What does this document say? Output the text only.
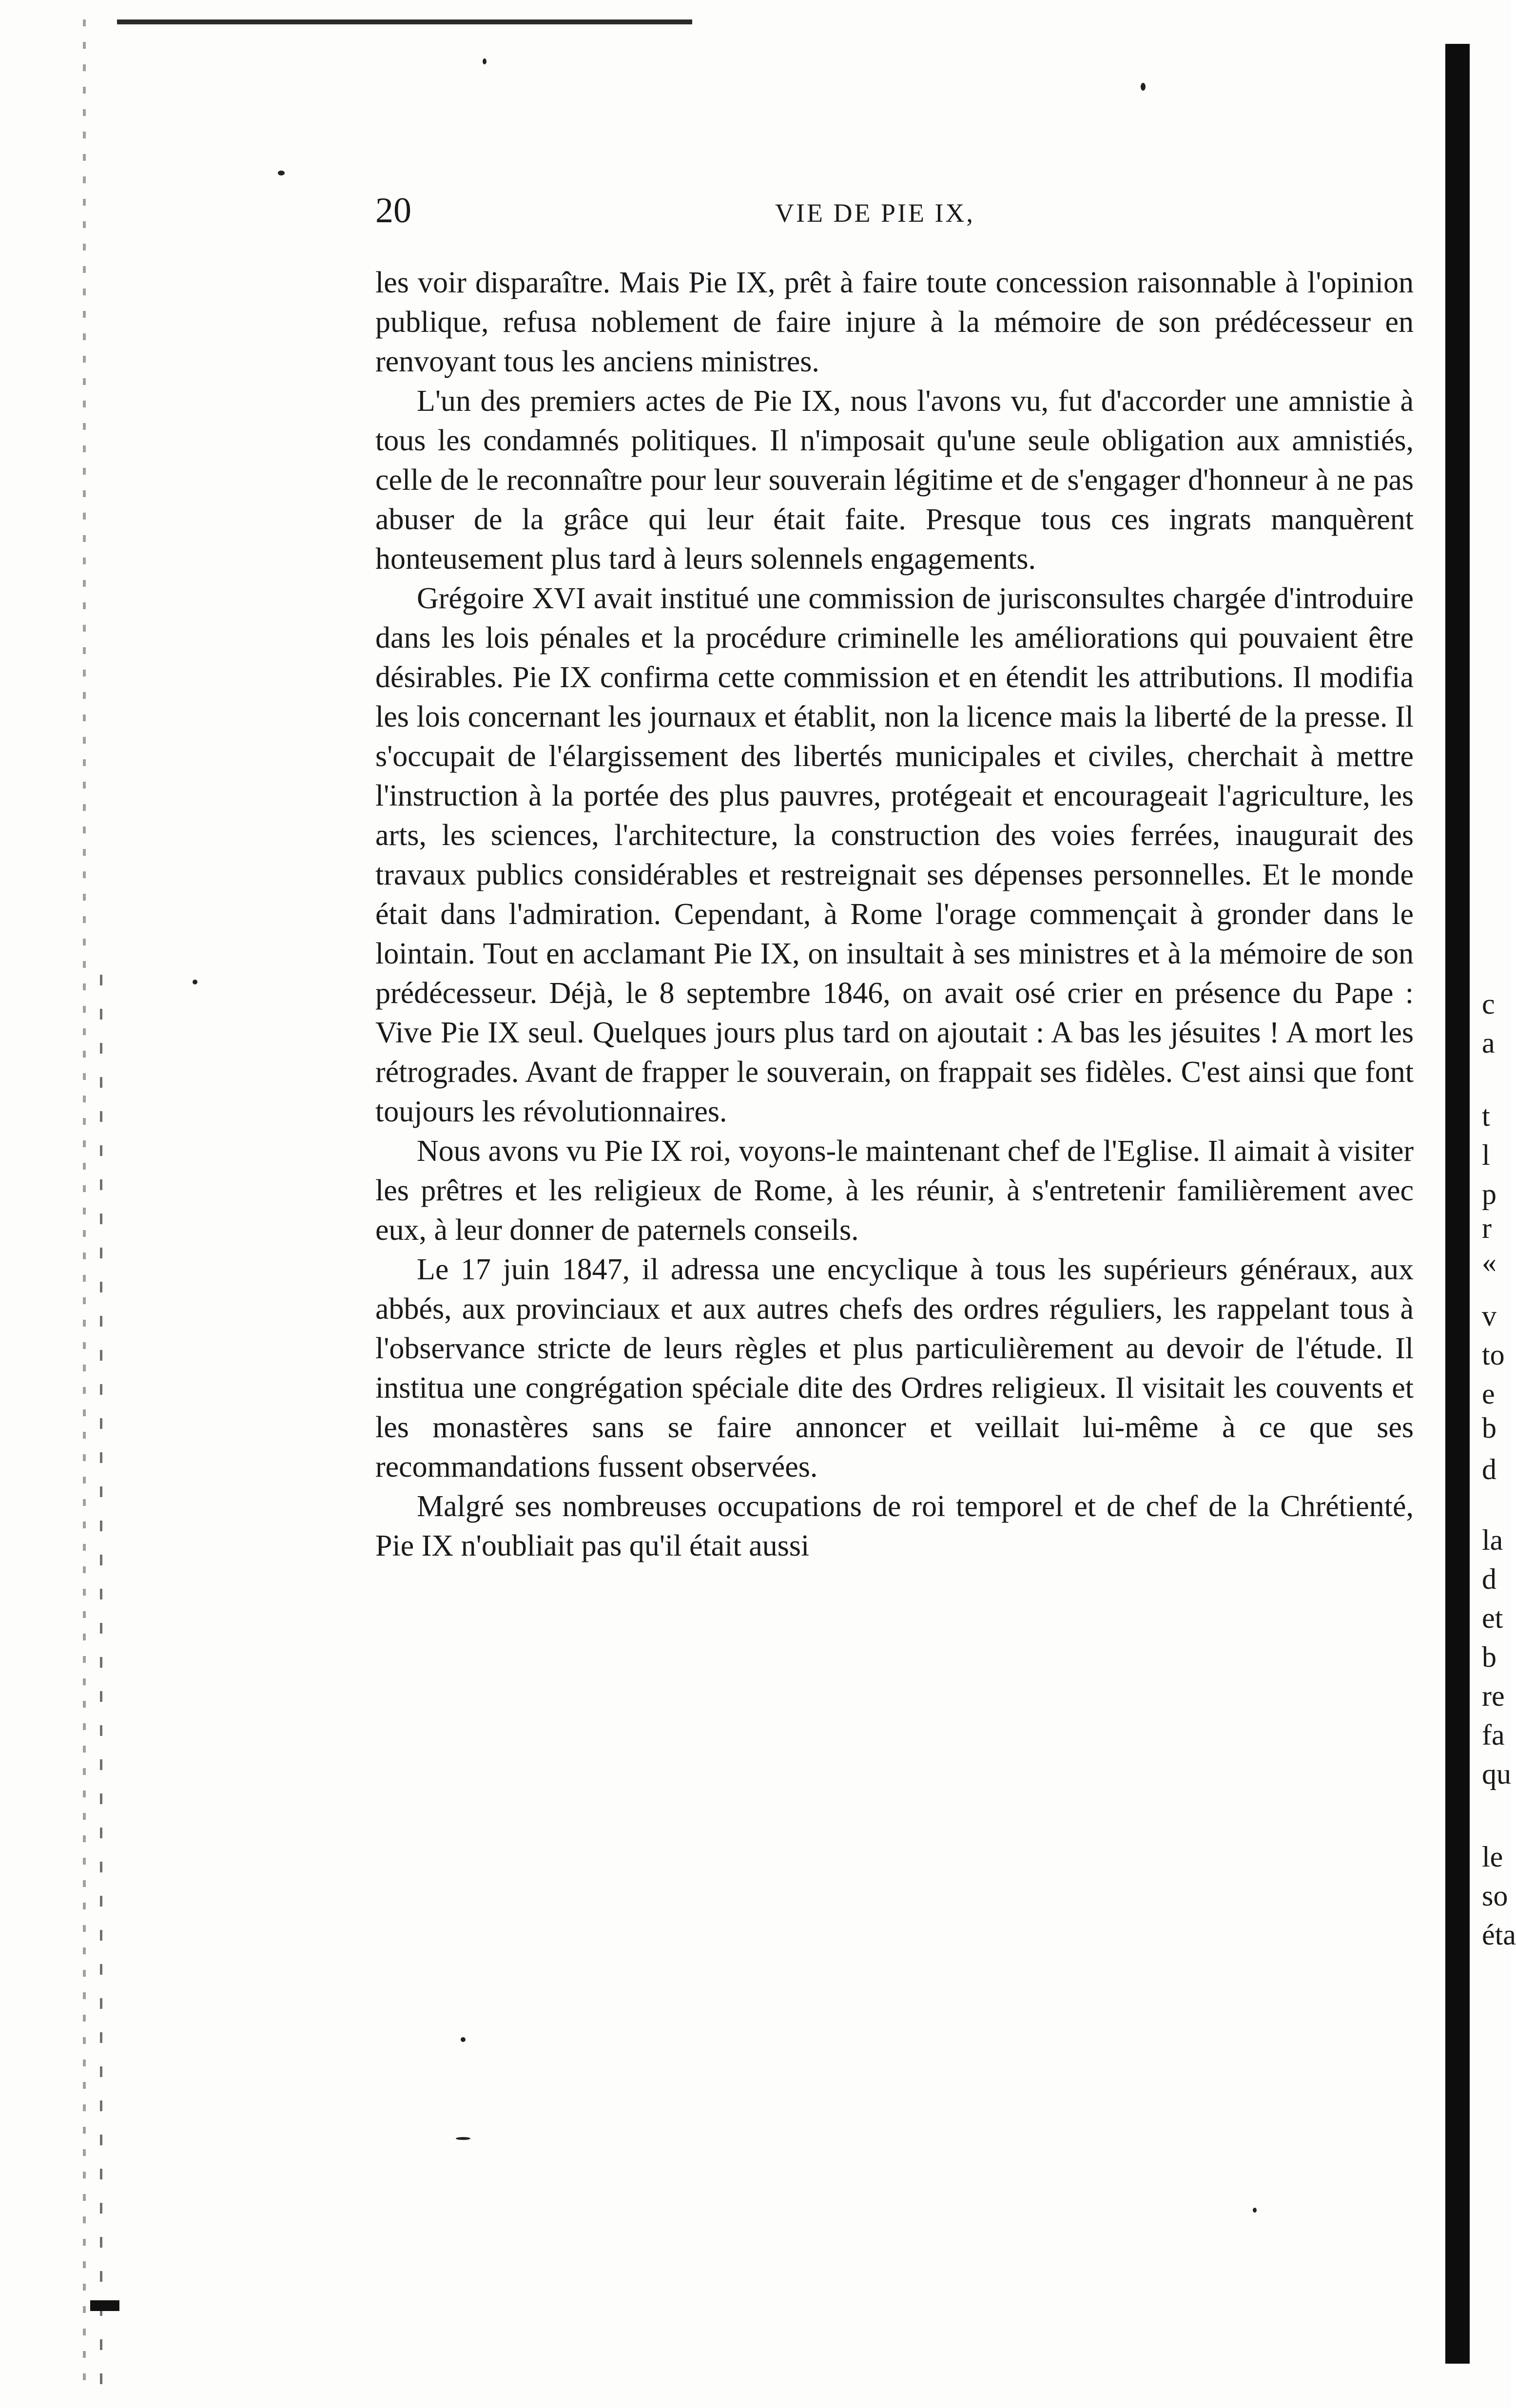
20	VIE DE PIE IX,

les voir disparaître. Mais Pie IX, prêt à faire toute concession raisonnable à l'opinion publique, refusa noblement de faire injure à la mémoire de son prédécesseur en renvoyant tous les anciens ministres.

L'un des premiers actes de Pie IX, nous l'avons vu, fut d'accorder une amnistie à tous les condamnés politiques. Il n'imposait qu'une seule obligation aux amnistiés, celle de le reconnaître pour leur souverain légitime et de s'engager d'honneur à ne pas abuser de la grâce qui leur était faite. Presque tous ces ingrats manquèrent honteusement plus tard à leurs solennels engagements.

Grégoire XVI avait institué une commission de jurisconsultes chargée d'introduire dans les lois pénales et la procédure criminelle les améliorations qui pouvaient être désirables. Pie IX confirma cette commission et en étendit les attributions. Il modifia les lois concernant les journaux et établit, non la licence mais la liberté de la presse. Il s'occupait de l'élargissement des libertés municipales et civiles, cherchait à mettre l'instruction à la portée des plus pauvres, protégeait et encourageait l'agriculture, les arts, les sciences, l'architecture, la construction des voies ferrées, inaugurait des travaux publics considérables et restreignait ses dépenses personnelles. Et le monde était dans l'admiration. Cependant, à Rome l'orage commençait à gronder dans le lointain. Tout en acclamant Pie IX, on insultait à ses ministres et à la mémoire de son prédécesseur. Déjà, le 8 septembre 1846, on avait osé crier en présence du Pape : Vive Pie IX seul. Quelques jours plus tard on ajoutait : A bas les jésuites ! A mort les rétrogrades. Avant de frapper le souverain, on frappait ses fidèles. C'est ainsi que font toujours les révolutionnaires.

Nous avons vu Pie IX roi, voyons-le maintenant chef de l'Eglise. Il aimait à visiter les prêtres et les religieux de Rome, à les réunir, à s'entretenir familièrement avec eux, à leur donner de paternels conseils.

Le 17 juin 1847, il adressa une encyclique à tous les supérieurs généraux, aux abbés, aux provinciaux et aux autres chefs des ordres réguliers, les rappelant tous à l'observance stricte de leurs règles et plus particulièrement au devoir de l'étude. Il institua une congrégation spéciale dite des Ordres religieux. Il visitait les couvents et les monastères sans se faire annoncer et veillait lui-même à ce que ses recommandations fussent observées.

Malgré ses nombreuses occupations de roi temporel et de chef de la Chrétienté, Pie IX n'oubliait pas qu'il était aussi

c
a
t
l
p
r
«
v
to
e
b
d
la
d
et
b
re
fa
qu
le
so
éta
